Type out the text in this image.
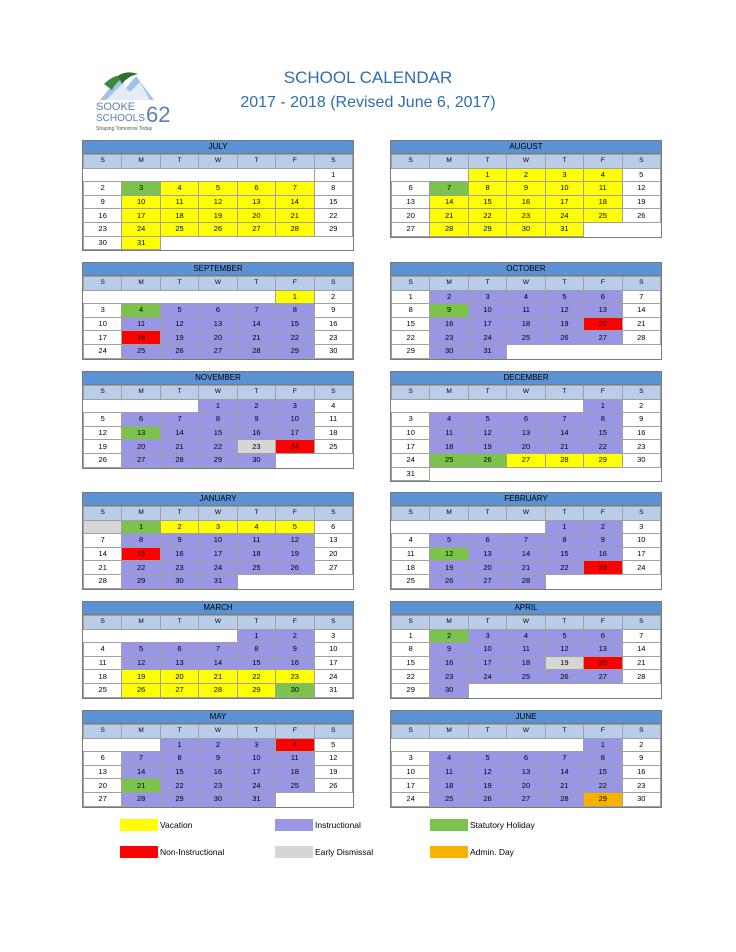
SOOKE
SCHOOLS 62
Shaping Tomorrow Today
SCHOOL CALENDAR
2017 - 2018 (Revised June 6, 2017)
JULY
S	M	T	W	T	F	S
						1
2	3	4	5	6	7	8
9	10	11	12	13	14	15
16	17	18	19	20	21	22
23	24	25	26	27	28	29
30	31					
AUGUST
S	M	T	W	T	F	S
		1	2	3	4	5
6	7	8	9	10	11	12
13	14	15	16	17	18	19
20	21	22	23	24	25	26
27	28	29	30	31		
SEPTEMBER
S	M	T	W	T	F	S
					1	2
3	4	5	6	7	8	9
10	11	12	13	14	15	16
17	18	19	20	21	22	23
24	25	26	27	28	29	30
OCTOBER
S	M	T	W	T	F	S
1	2	3	4	5	6	7
8	9	10	11	12	13	14
15	16	17	18	19	20	21
22	23	24	25	26	27	28
29	30	31				
NOVEMBER
S	M	T	W	T	F	S
			1	2	3	4
5	6	7	8	9	10	11
12	13	14	15	16	17	18
19	20	21	22	23	24	25
26	27	28	29	30		
DECEMBER
S	M	T	W	T	F	S
					1	2
3	4	5	6	7	8	9
10	11	12	13	14	15	16
17	18	19	20	21	22	23
24	25	26	27	28	29	30
31						
JANUARY
S	M	T	W	T	F	S
	1	2	3	4	5	6
7	8	9	10	11	12	13
14	15	16	17	18	19	20
21	22	23	24	25	26	27
28	29	30	31			
FEBRUARY
S	M	T	W	T	F	S
				1	2	3
4	5	6	7	8	9	10
11	12	13	14	15	16	17
18	19	20	21	22	23	24
25	26	27	28			
MARCH
S	M	T	W	T	F	S
				1	2	3
4	5	6	7	8	9	10
11	12	13	14	15	16	17
18	19	20	21	22	23	24
25	26	27	28	29	30	31
APRIL
S	M	T	W	T	F	S
1	2	3	4	5	6	7
8	9	10	11	12	13	14
15	16	17	18	19	20	21
22	23	24	25	26	27	28
29	30					
MAY
S	M	T	W	T	F	S
		1	2	3	4	5
6	7	8	9	10	11	12
13	14	15	16	17	18	19
20	21	22	23	24	25	26
27	28	29	30	31		
JUNE
S	M	T	W	T	F	S
					1	2
3	4	5	6	7	8	9
10	11	12	13	14	15	16
17	18	19	20	21	22	23
24	25	26	27	28	29	30
Vacation	Instructional	Statutory Holiday
Non-Instructional	Early Dismissal	Admin. Day
